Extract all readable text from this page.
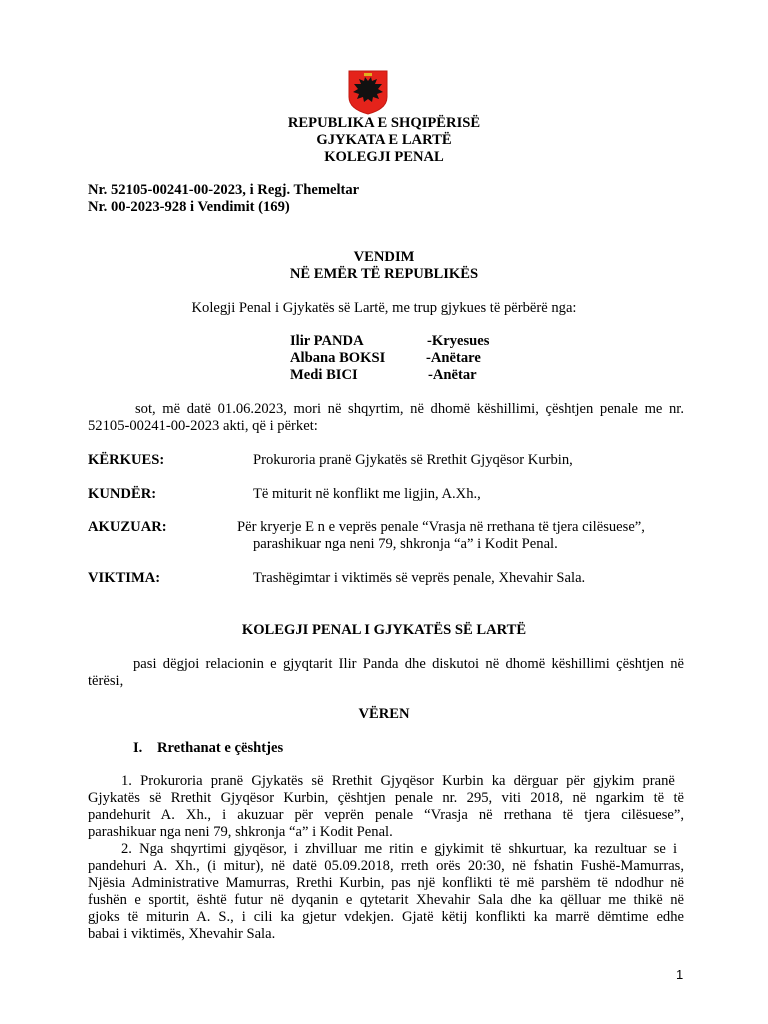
REPUBLIKA E SHQIPËRISË
GJYKATA E LARTË
KOLEGJI PENAL
Nr. 52105-00241-00-2023, i Regj. Themeltar
Nr. 00-2023-928 i Vendimit (169)
VENDIM
NË EMËR TË REPUBLIKËS
Kolegji Penal i Gjykatës së Lartë, me trup gjykues të përbërë nga:
Ilir PANDA	-Kryesues
Albana BOKSI	-Anëtare
Medi BICI	-Anëtar
sot, më datë 01.06.2023, mori në shqyrtim, në dhomë këshillimi, çështjen penale me nr.
52105-00241-00-2023 akti, që i përket:
KËRKUES:	Prokuroria pranë Gjykatës së Rrethit Gjyqësor Kurbin,
KUNDËR:	Të miturit në konflikt me ligjin, A.Xh.,
AKUZUAR:	Për kryerje E n e veprës penale “Vrasja në rrethana të tjera cilësuese”,
parashikuar nga neni 79, shkronja “a” i Kodit Penal.
VIKTIMA:	Trashëgimtar i viktimës së veprës penale, Xhevahir Sala.
KOLEGJI PENAL I GJYKATËS SË LARTË
pasi dëgjoi relacionin e gjyqtarit Ilir Panda dhe diskutoi në dhomë këshillimi çështjen në
tërësi,
VËREN
I. Rrethanat e çështjes
1. Prokuroria pranë Gjykatës së Rrethit Gjyqësor Kurbin ka dërguar për gjykim pranë
Gjykatës së Rrethit Gjyqësor Kurbin, çështjen penale nr. 295, viti 2018, në ngarkim të të
pandehurit A. Xh., i akuzuar për veprën penale “Vrasja në rrethana të tjera cilësuese”,
parashikuar nga neni 79, shkronja “a” i Kodit Penal.
2. Nga shqyrtimi gjyqësor, i zhvilluar me ritin e gjykimit të shkurtuar, ka rezultuar se i
pandehuri A. Xh., (i mitur), në datë 05.09.2018, rreth orës 20:30, në fshatin Fushë-Mamurras,
Njësia Administrative Mamurras, Rrethi Kurbin, pas një konflikti të më parshëm të ndodhur në
fushën e sportit, është futur në dyqanin e qytetarit Xhevahir Sala dhe ka qëlluar me thikë në
gjoks të miturin A. S., i cili ka gjetur vdekjen. Gjatë këtij konflikti ka marrë dëmtime edhe
babai i viktimës, Xhevahir Sala.
1
